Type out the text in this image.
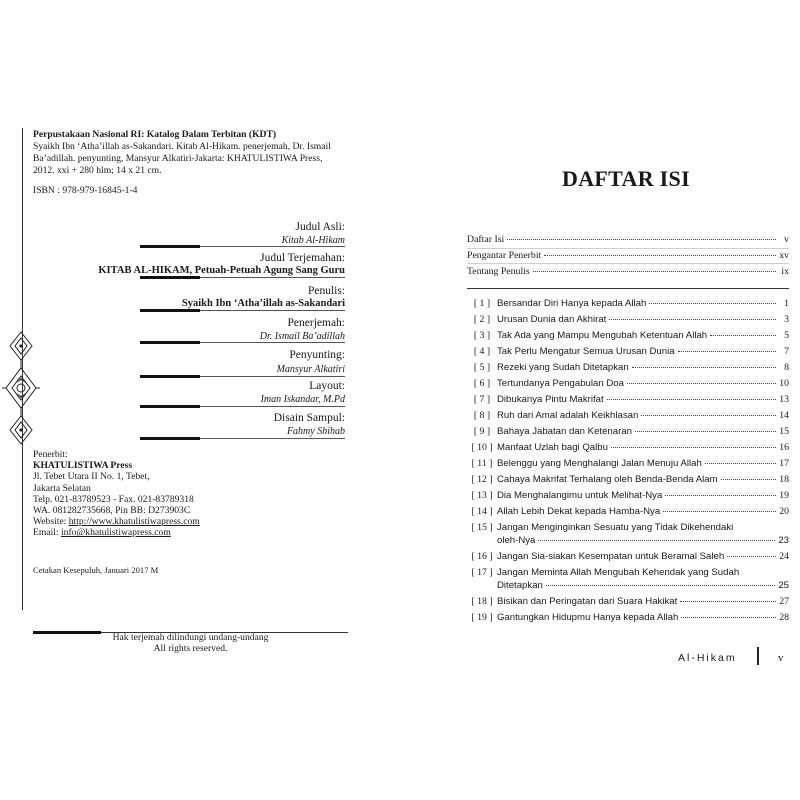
Perpustakaan Nasional RI: Katalog Dalam Terbitan (KDT)
Syaikh Ibn ‘Atha’illah as-Sakandari. Kitab Al-Hikam. penerjemah, Dr. Ismail
Ba’adillah. penyunting, Mansyur Alkatiri-Jakarta: KHATULISTIWA Press,
2012. xxi + 280 hlm; 14 x 21 cm.
ISBN : 978-979-16845-1-4
Judul Asli:
Kitab Al-Hikam
Judul Terjemahan:
KITAB AL-HIKAM, Petuah-Petuah Agung Sang Guru
Penulis:
Syaikh Ibn ‘Atha’illah as-Sakandari
Penerjemah:
Dr. Ismail Ba’adillah
Penyunting:
Mansyur Alkatiri
Layout:
Iman Iskandar, M.Pd
Disain Sampul:
Fahmy Shihab
Penerbit:
KHATULISTIWA Press
Jl. Tebet Utara II No. 1, Tebet,
Jakarta Selatan
Telp. 021-83789523 - Fax. 021-83789318
WA. 081282735668, Pin BB: D273903C
Website: http://www.khatulistiwapress.com
Email: info@khatulistiwapress.com
Cetakan Kesepuluh, Januari 2017 M
Hak terjemah dilindungi undang-undang
All rights reserved.
DAFTAR ISI
Daftar Isi	v
Pengantar Penerbit	xv
Tentang Penulis	ix
[ 1 ] Bersandar Diri Hanya kepada Allah	1
[ 2 ] Urusan Dunia dan Akhirat	3
[ 3 ] Tak Ada yang Mampu Mengubah Ketentuan Allah	5
[ 4 ] Tak Perlu Mengatur Semua Urusan Dunia	7
[ 5 ] Rezeki yang Sudah Ditetapkan	8
[ 6 ] Tertundanya Pengabulan Doa	10
[ 7 ] Dibukanya Pintu Makrifat	13
[ 8 ] Ruh dari Amal adalah Keikhlasan	14
[ 9 ] Bahaya Jabatan dan Ketenaran	15
[ 10 ] Manfaat Uzlah bagi Qalbu	16
[ 11 ] Belenggu yang Menghalangi Jalan Menuju Allah	17
[ 12 ] Cahaya Makrifat Terhalang oleh Benda-Benda Alam	18
[ 13 ] Dia Menghalangimu untuk Melihat-Nya	19
[ 14 ] Allah Lebih Dekat kepada Hamba-Nya	20
[ 15 ] Jangan Menginginkan Sesuatu yang Tidak Dikehendaki
oleh-Nya	23
[ 16 ] Jangan Sia-siakan Kesempatan untuk Beramal Saleh	24
[ 17 ] Jangan Meminta Allah Mengubah Kehendak yang Sudah
Ditetapkan	25
[ 18 ] Bisikan dan Peringatan dari Suara Hakikat	27
[ 19 ] Gantungkan Hidupmu Hanya kepada Allah	28
Al-Hikam	v
